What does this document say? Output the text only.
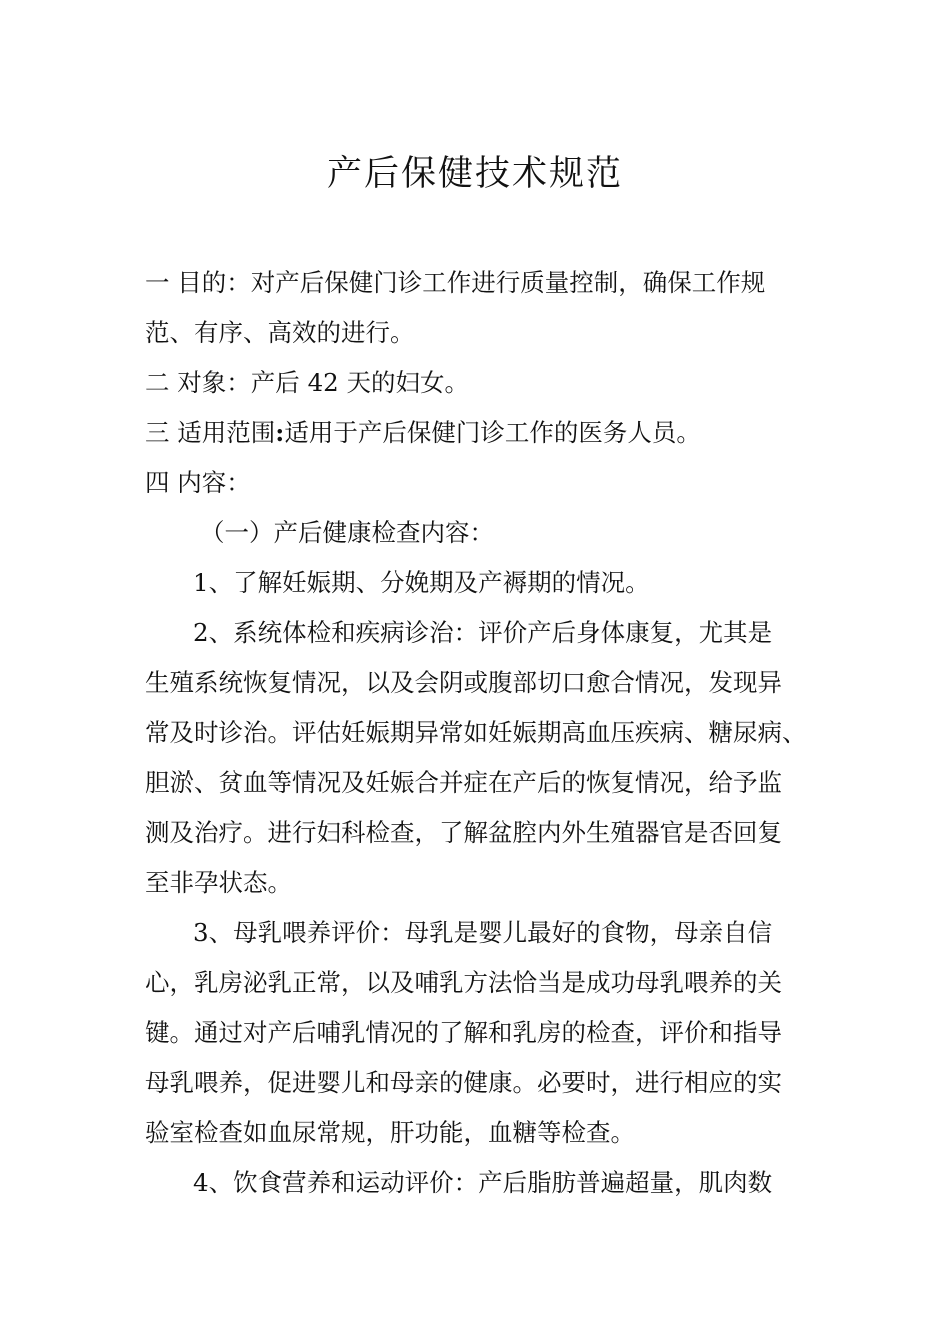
产后保健技术规范

一 目的：对产后保健门诊工作进行质量控制，确保工作规

范、有序、高效的进行。

二 对象：产后 42 天的妇女。

三 适用范围:适用于产后保健门诊工作的医务人员。

四 内容：

（一）产后健康检查内容：

1、了解妊娠期、分娩期及产褥期的情况。

2、系统体检和疾病诊治：评价产后身体康复，尤其是

生殖系统恢复情况，以及会阴或腹部切口愈合情况，发现异

常及时诊治。评估妊娠期异常如妊娠期高血压疾病、糖尿病、

胆淤、贫血等情况及妊娠合并症在产后的恢复情况，给予监

测及治疗。进行妇科检查，了解盆腔内外生殖器官是否回复

至非孕状态。

3、母乳喂养评价：母乳是婴儿最好的食物，母亲自信

心，乳房泌乳正常，以及哺乳方法恰当是成功母乳喂养的关

键。通过对产后哺乳情况的了解和乳房的检查，评价和指导

母乳喂养，促进婴儿和母亲的健康。必要时，进行相应的实

验室检查如血尿常规，肝功能，血糖等检查。

4、饮食营养和运动评价：产后脂肪普遍超量，肌肉数
